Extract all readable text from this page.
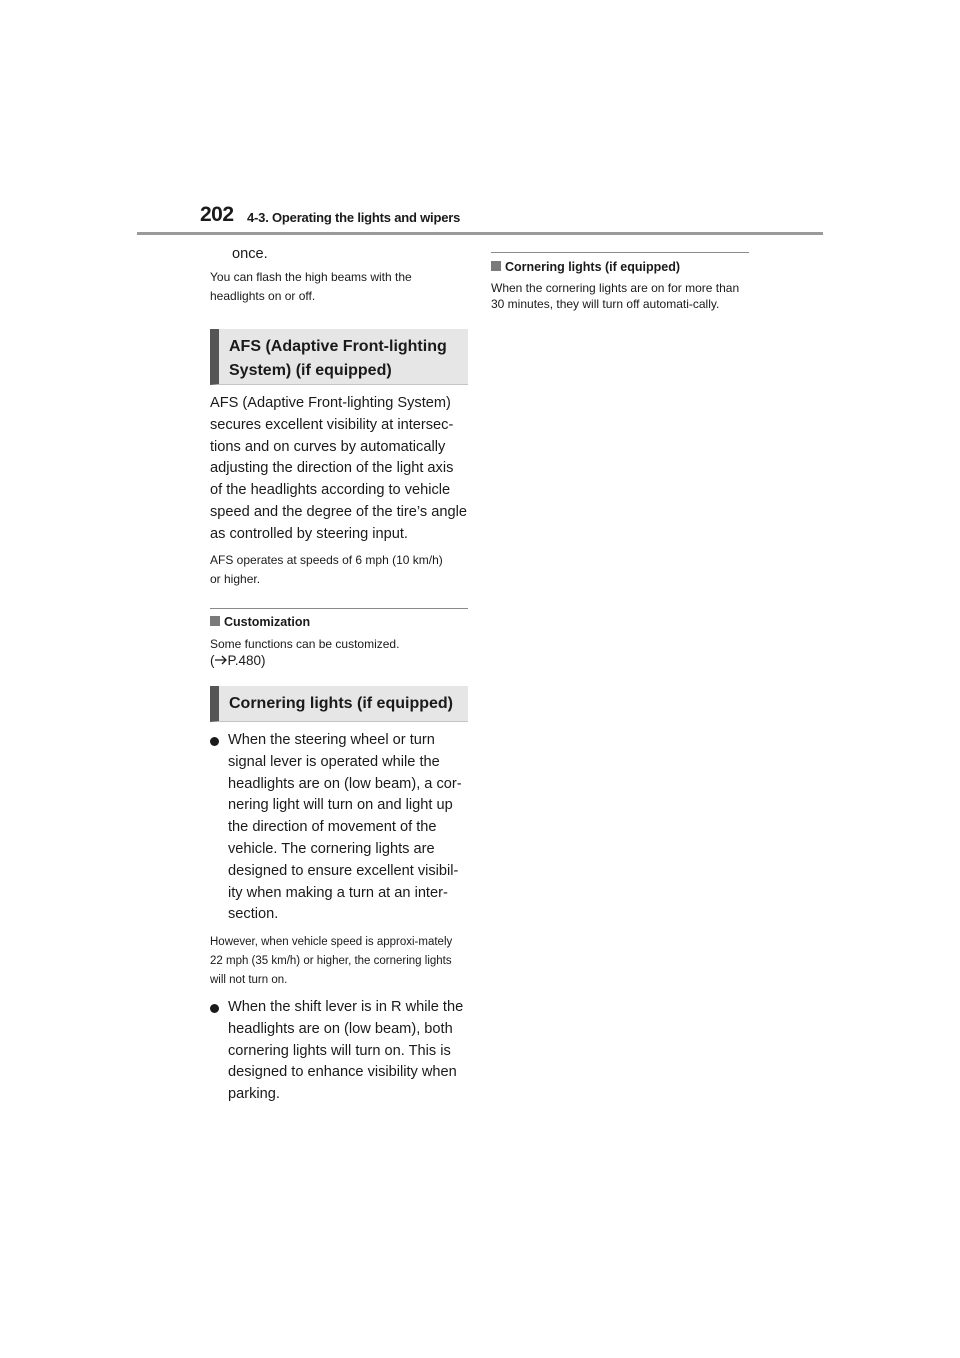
202 4-3. Operating the lights and wipers
once.
You can flash the high beams with the headlights on or off.
AFS (Adaptive Front-lighting System) (if equipped)
AFS (Adaptive Front-lighting System) secures excellent visibility at intersec-tions and on curves by automatically adjusting the direction of the light axis of the headlights according to vehicle speed and the degree of the tire’s angle as controlled by steering input.
AFS operates at speeds of 6 mph (10 km/h) or higher.
Customization
Some functions can be customized.
( P.480)
Cornering lights (if equipped)
When the steering wheel or turn signal lever is operated while the headlights are on (low beam), a cor-nering light will turn on and light up the direction of movement of the vehicle. The cornering lights are designed to ensure excellent visibil-ity when making a turn at an inter-section.
However, when vehicle speed is approxi-mately 22 mph (35 km/h) or higher, the cornering lights will not turn on.
When the shift lever is in R while the headlights are on (low beam), both cornering lights will turn on. This is designed to enhance visibility when parking.
Cornering lights (if equipped)
When the cornering lights are on for more than 30 minutes, they will turn off automati-cally.
